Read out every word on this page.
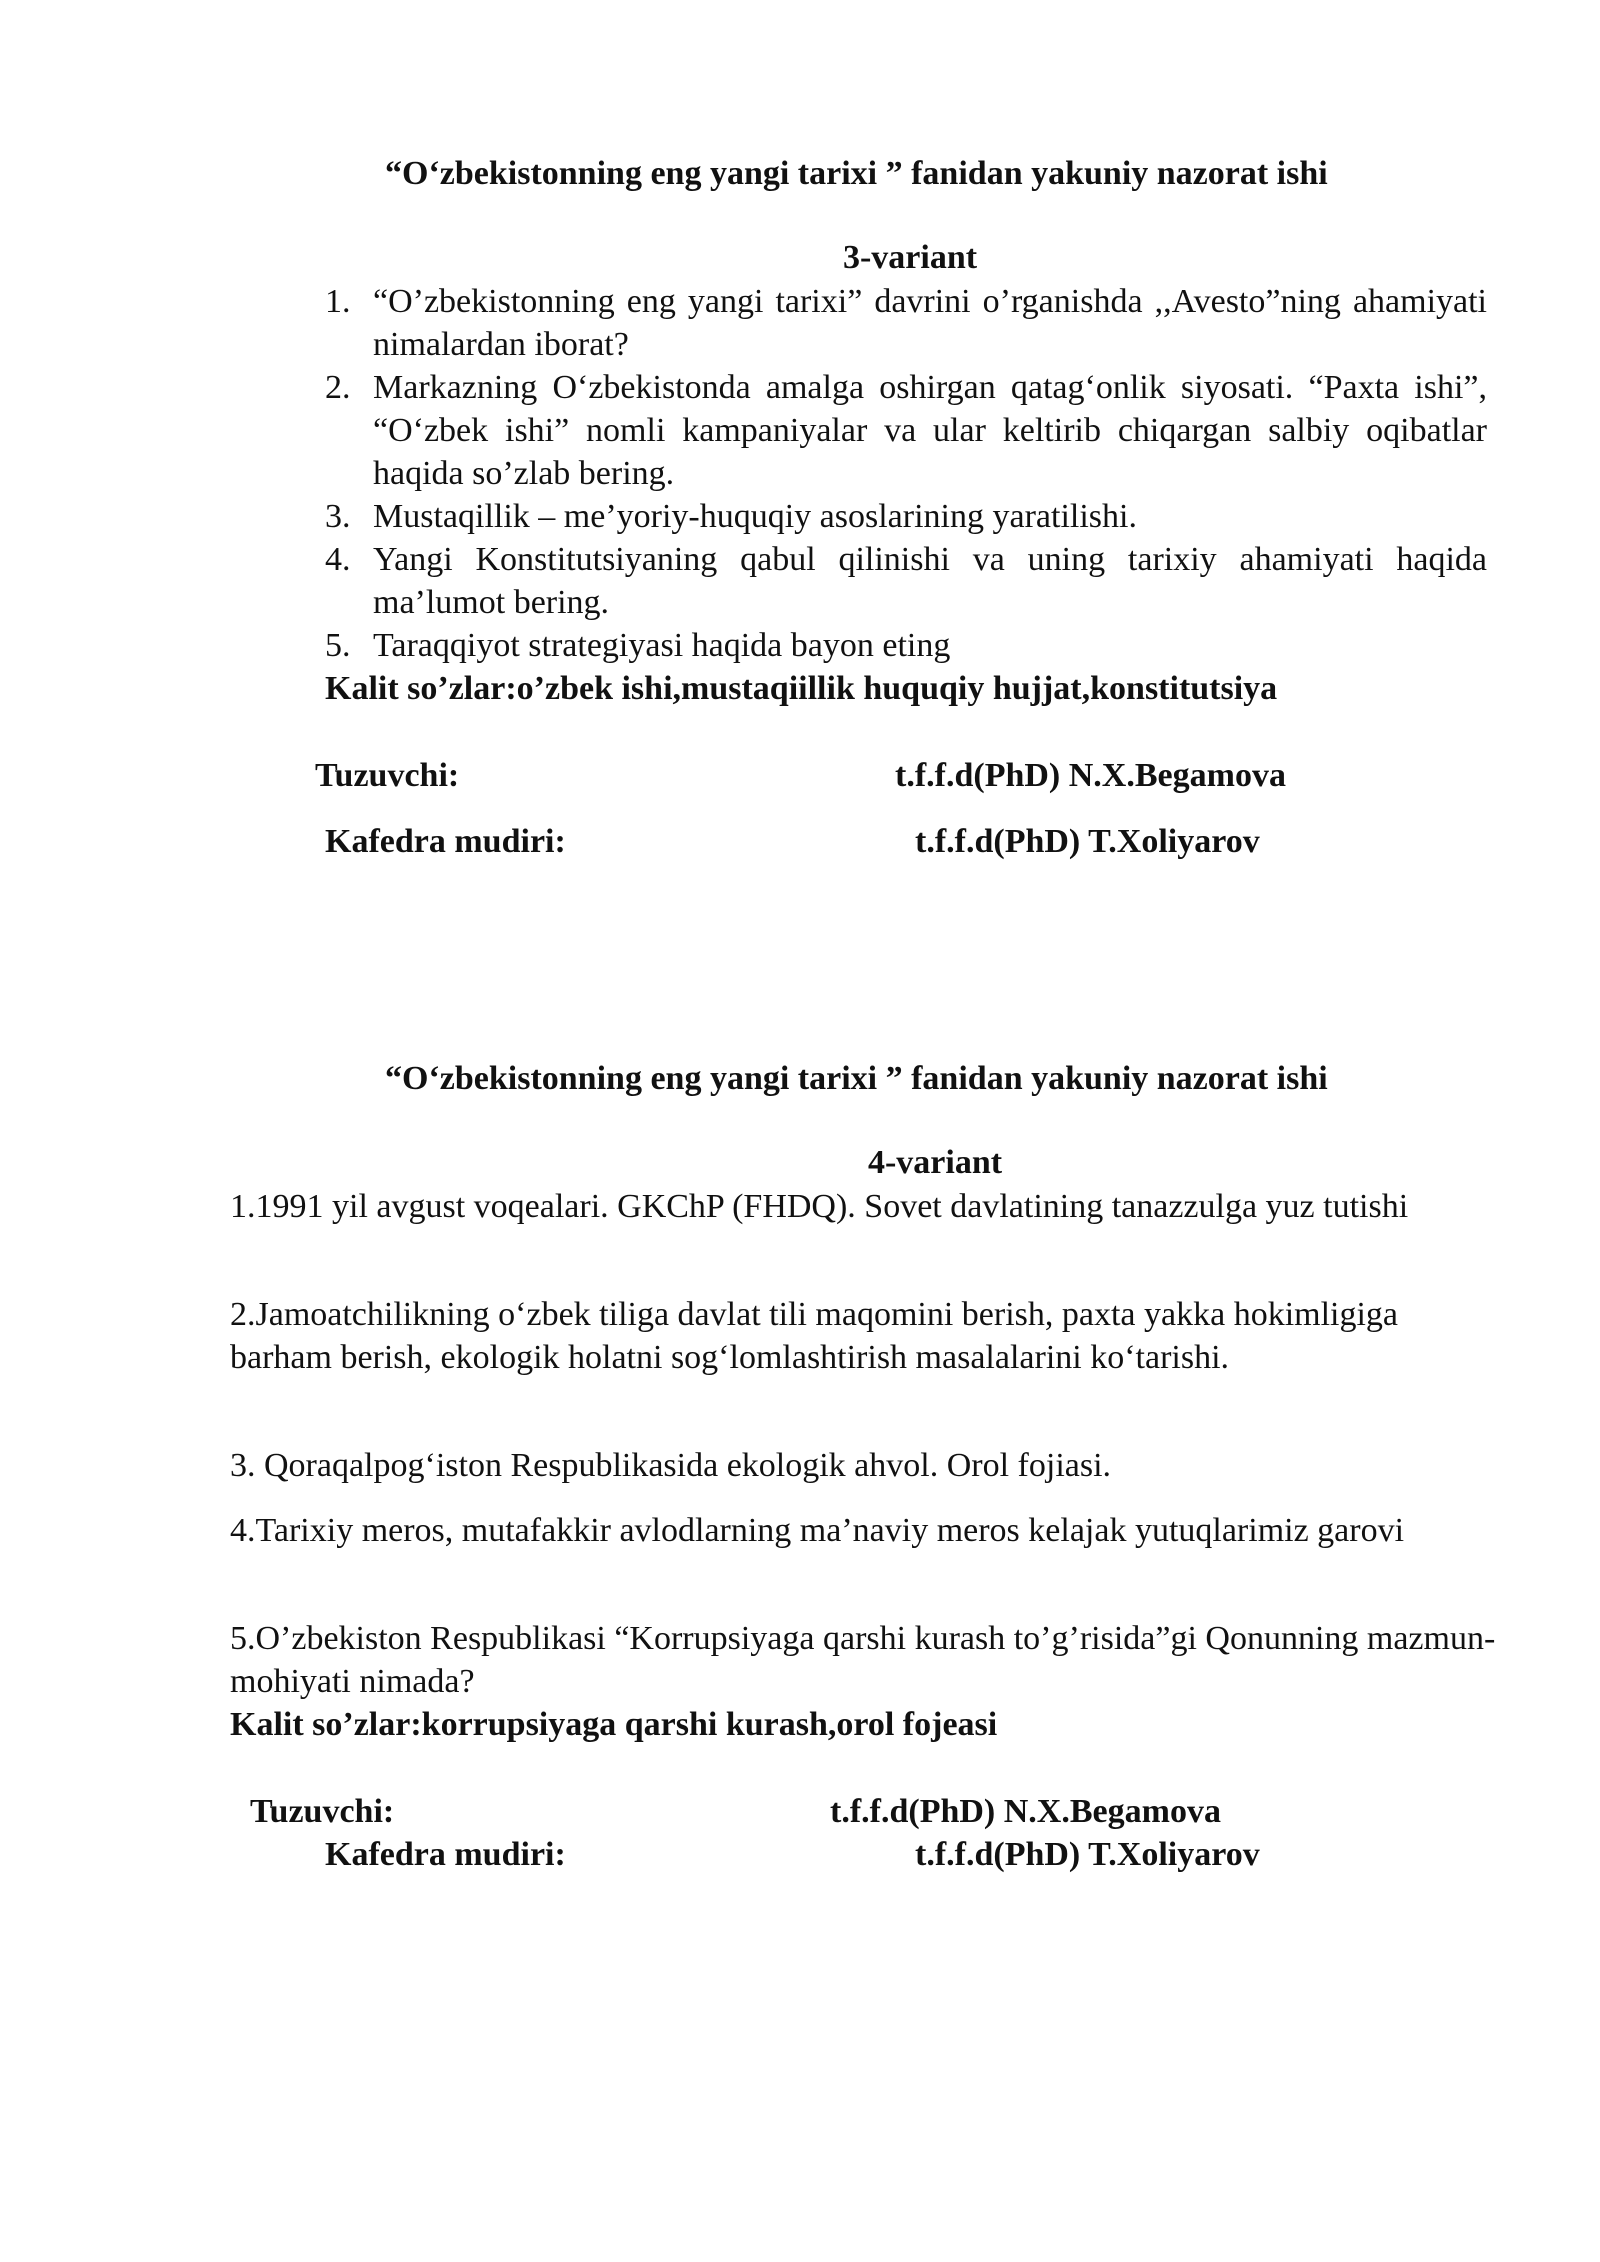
“O‘zbekistonning eng yangi tarixi ” fanidan yakuniy nazorat ishi

3-variant

1. “O’zbekistonning eng yangi tarixi” davrini o’rganishda ,,Avesto”ning ahamiyati nimalardan iborat?
2. Markazning O‘zbekistonda amalga oshirgan qatag‘onlik siyosati. “Paxta ishi”, “O‘zbek ishi” nomli kampaniyalar va ular keltirib chiqargan salbiy oqibatlar haqida so’zlab bering.
3. Mustaqillik – me’yoriy-huquqiy asoslarining yaratilishi.
4. Yangi Konstitutsiyaning qabul qilinishi va uning tarixiy ahamiyati haqida ma’lumot bering.
5. Taraqqiyot strategiyasi haqida bayon eting

Kalit so’zlar:o’zbek ishi,mustaqiillik huquqiy hujjat,konstitutsiya

Tuzuvchi:	t.f.f.d(PhD) N.X.Begamova

Kafedra mudiri:	t.f.f.d(PhD) T.Xoliyarov

“O‘zbekistonning eng yangi tarixi ” fanidan yakuniy nazorat ishi

4-variant

1.1991 yil avgust voqealari. GKChP (FHDQ). Sovet davlatining tanazzulga yuz tutishi

2.Jamoatchilikning o‘zbek tiliga davlat tili maqomini berish, paxta yakka hokimligiga barham berish, ekologik holatni sog‘lomlashtirish masalalarini ko‘tarishi.

3. Qoraqalpog‘iston Respublikasida ekologik ahvol. Orol fojiasi.

4.Tarixiy meros, mutafakkir avlodlarning ma’naviy meros kelajak yutuqlarimiz garovi

5.O’zbekiston Respublikasi “Korrupsiyaga qarshi kurash to’g’risida”gi Qonunning mazmun-mohiyati nimada?

Kalit so’zlar:korrupsiyaga qarshi kurash,orol fojeasi

Tuzuvchi:	t.f.f.d(PhD) N.X.Begamova

Kafedra mudiri:	t.f.f.d(PhD) T.Xoliyarov
